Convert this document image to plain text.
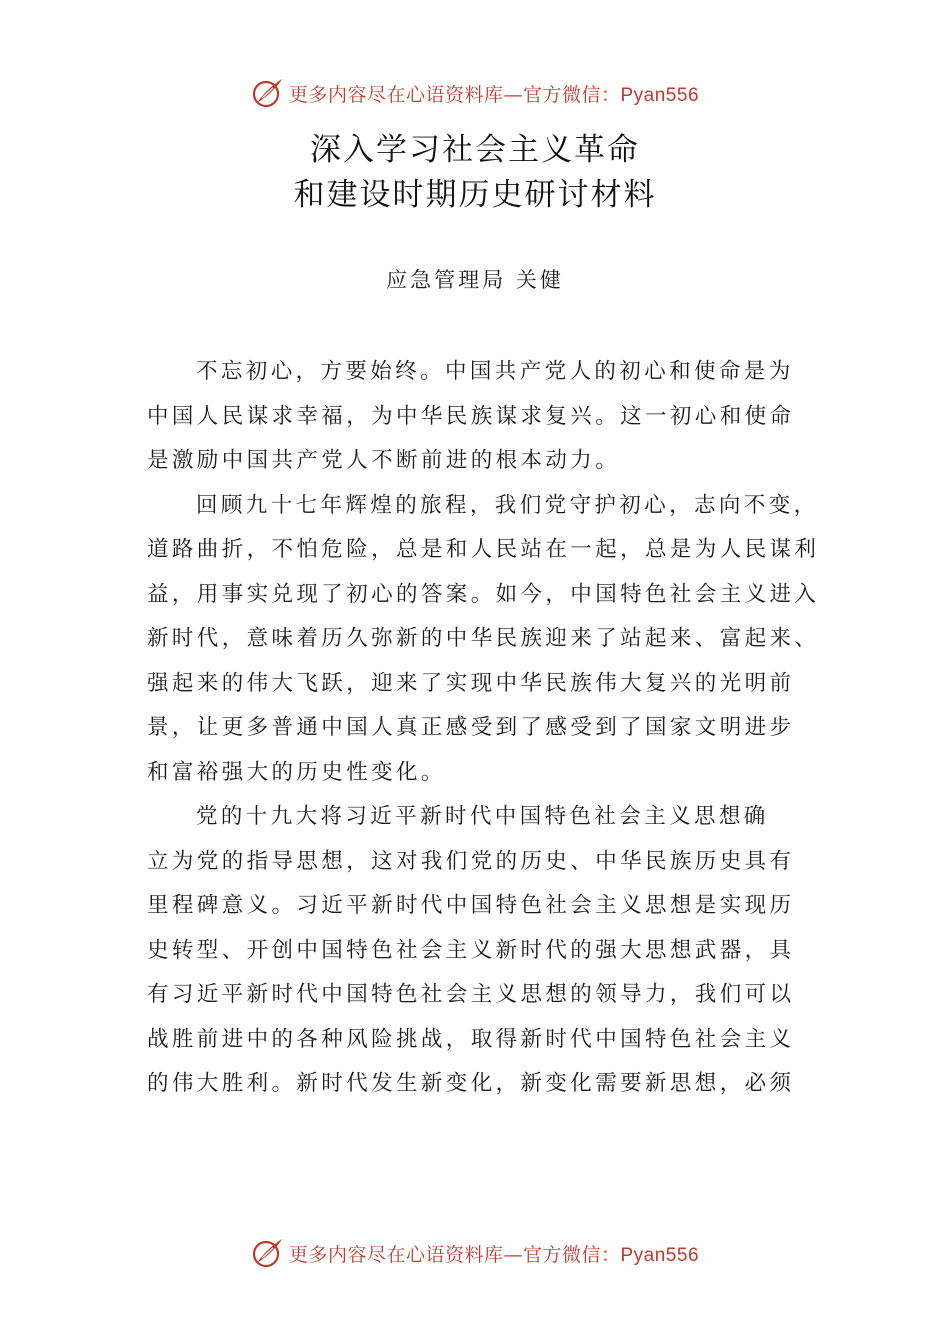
更多内容尽在心语资料库—官方微信：Pyan556
深入学习社会主义革命
和建设时期历史研讨材料
应急管理局 关健
不忘初心，方要始终。中国共产党人的初心和使命是为
中国人民谋求幸福，为中华民族谋求复兴。这一初心和使命
是激励中国共产党人不断前进的根本动力。
回顾九十七年辉煌的旅程，我们党守护初心，志向不变，
道路曲折，不怕危险，总是和人民站在一起，总是为人民谋利
益，用事实兑现了初心的答案。如今，中国特色社会主义进入
新时代，意味着历久弥新的中华民族迎来了站起来、富起来、
强起来的伟大飞跃，迎来了实现中华民族伟大复兴的光明前
景，让更多普通中国人真正感受到了感受到了国家文明进步
和富裕强大的历史性变化。
党的十九大将习近平新时代中国特色社会主义思想确
立为党的指导思想，这对我们党的历史、中华民族历史具有
里程碑意义。习近平新时代中国特色社会主义思想是实现历
史转型、开创中国特色社会主义新时代的强大思想武器，具
有习近平新时代中国特色社会主义思想的领导力，我们可以
战胜前进中的各种风险挑战，取得新时代中国特色社会主义
的伟大胜利。新时代发生新变化，新变化需要新思想，必须
更多内容尽在心语资料库—官方微信：Pyan556
